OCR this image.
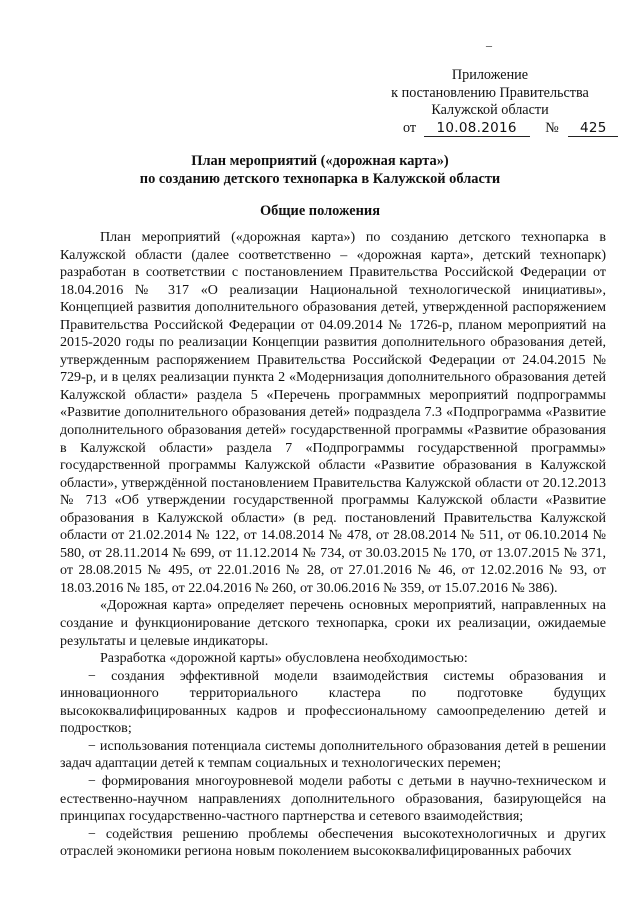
–
Приложение
к постановлению Правительства
Калужской области
от 10.08.2016 № 425
План мероприятий («дорожная карта»)
по созданию детского технопарка в Калужской области
Общие положения

План мероприятий («дорожная карта») по созданию детского технопарка в Калужской области (далее соответственно – «дорожная карта», детский технопарк) разработан в соответствии с постановлением Правительства Российской Федерации от 18.04.2016 № 317 «О реализации Национальной технологической инициативы», Концепцией развития дополнительного образования детей, утвержденной распоряжением Правительства Российской Федерации от 04.09.2014 № 1726-р, планом мероприятий на 2015-2020 годы по реализации Концепции развития дополнительного образования детей, утвержденным распоряжением Правительства Российской Федерации от 24.04.2015 № 729-р, и в целях реализации пункта 2 «Модернизация дополнительного образования детей Калужской области» раздела 5 «Перечень программных мероприятий подпрограммы «Развитие дополнительного образования детей» подраздела 7.3 «Подпрограмма «Развитие дополнительного образования детей» государственной программы «Развитие образования в Калужской области» раздела 7 «Подпрограммы государственной программы» государственной программы Калужской области «Развитие образования в Калужской области», утверждённой постановлением Правительства Калужской области от 20.12.2013 № 713 «Об утверждении государственной программы Калужской области «Развитие образования в Калужской области» (в ред. постановлений Правительства Калужской области от 21.02.2014 № 122, от 14.08.2014 № 478, от 28.08.2014 № 511, от 06.10.2014 № 580, от 28.11.2014 № 699, от 11.12.2014 № 734, от 30.03.2015 № 170, от 13.07.2015 № 371, от 28.08.2015 № 495, от 22.01.2016 № 28, от 27.01.2016 № 46, от 12.02.2016 № 93, от 18.03.2016 № 185, от 22.04.2016 № 260, от 30.06.2016 № 359, от 15.07.2016 № 386).

«Дорожная карта» определяет перечень основных мероприятий, направленных на создание и функционирование детского технопарка, сроки их реализации, ожидаемые результаты и целевые индикаторы.

Разработка «дорожной карты» обусловлена необходимостью:

− создания эффективной модели взаимодействия системы образования и инновационного территориального кластера по подготовке будущих высококвалифицированных кадров и профессиональному самоопределению детей и подростков;

− использования потенциала системы дополнительного образования детей в решении задач адаптации детей к темпам социальных и технологических перемен;

− формирования многоуровневой модели работы с детьми в научно-техническом и естественно-научном направлениях дополнительного образования, базирующейся на принципах государственно-частного партнерства и сетевого взаимодействия;

− содействия решению проблемы обеспечения высокотехнологичных и других отраслей экономики региона новым поколением высококвалифицированных рабочих
